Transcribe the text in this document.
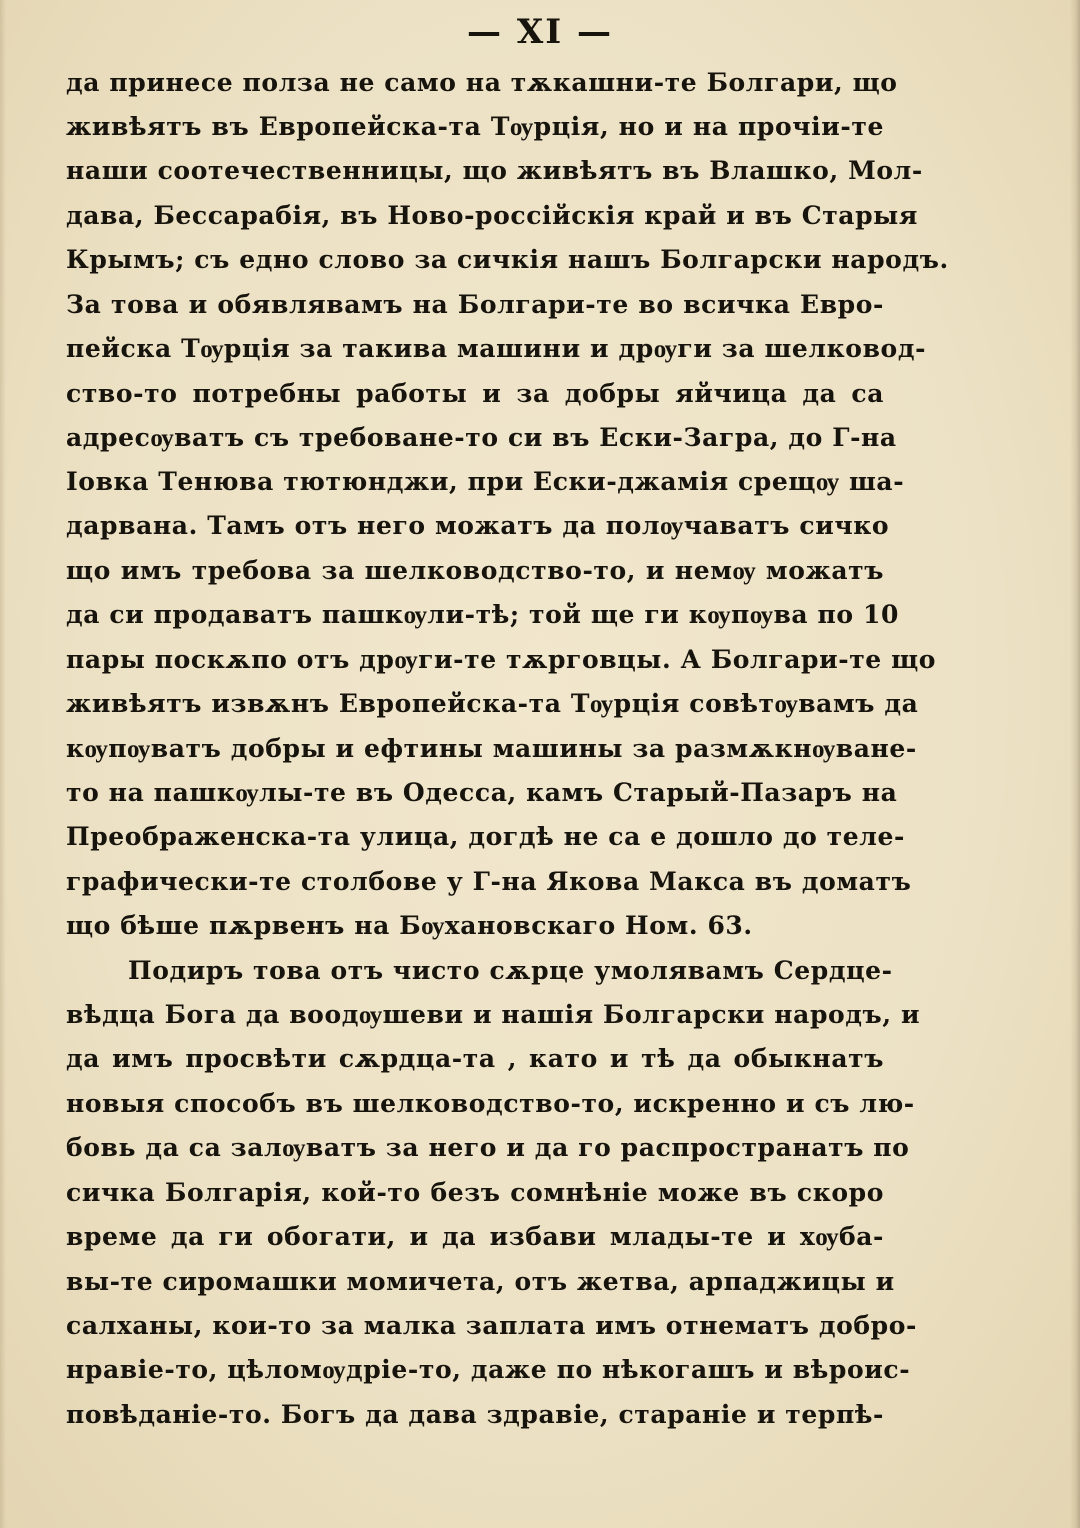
— XI —
да принесе полза не само на тѫкашни-те Болгари, що
живѣятъ въ Европейска-та Тѹрція, но и на прочіи-те
наши соотечественницы, що живѣятъ въ Влашко, Мол-
давa, Бессарабія, въ Ново-россійскія край и въ Старыя
Крымъ; съ едно слово за сичкія нашъ Болгарски народъ.
За това и обявлявамъ на Болгари-те во всичка Евро-
пейска Тѹрція за такива машини и дрѹги за шелковод-
ство-то потребны работы и за добры яйчица да са
адресѹватъ съ требоване-то си въ Ески-Загра, до Г-на
Іовка Тенюва тютюнджи, при Ески-джамія срещѹ ша-
дарвана. Тамъ отъ него можатъ да полѹчаватъ сичко
що имъ требова за шелководство-то, и немѹ можатъ
да си продаватъ пашкѹли-тѣ; той ще ги кѹпѹва по 10
пары поскѫпо отъ дрѹги-те тѫрговцы. А Болгари-те що
живѣятъ извѫнъ Европейска-та Тѹрція совѣтѹвамъ да
кѹпѹватъ добры и ефтины машины за размѫкнѹване-
то на пашкѹлы-те въ Одесса, камъ Старый-Пазаръ на
Преображенска-та улица, догдѣ не са е дошло до теле-
графически-те столбове у Г-на Якова Макса въ доматъ
що бѣше пѫрвенъ на Бѹхановскаго Ном. 63.
Подиръ това отъ чисто сѫрце умолявамъ Сердце-
вѣдца Бога да воодѹшеви и нашія Болгарски народъ, и
да имъ просвѣти сѫрдца-та , като и тѣ да обыкнатъ
новыя способъ въ шелководство-то, искренно и съ лю-
бовь да са залѹватъ за него и да го распространатъ по
сичка Болгарія, кой-то безъ сомнѣніе може въ скоро
време да ги обогати, и да избави млады-те и хѹба-
вы-те сиромашки момичета, отъ жетва, арпаджицы и
салханы, кои-то за малка заплата имъ отнематъ добро-
нравіе-то, цѣломѹдріе-то, даже по нѣкогашъ и вѣроис-
повѣданіе-то. Богъ да дава здравіе, стараніе и терпѣ-
